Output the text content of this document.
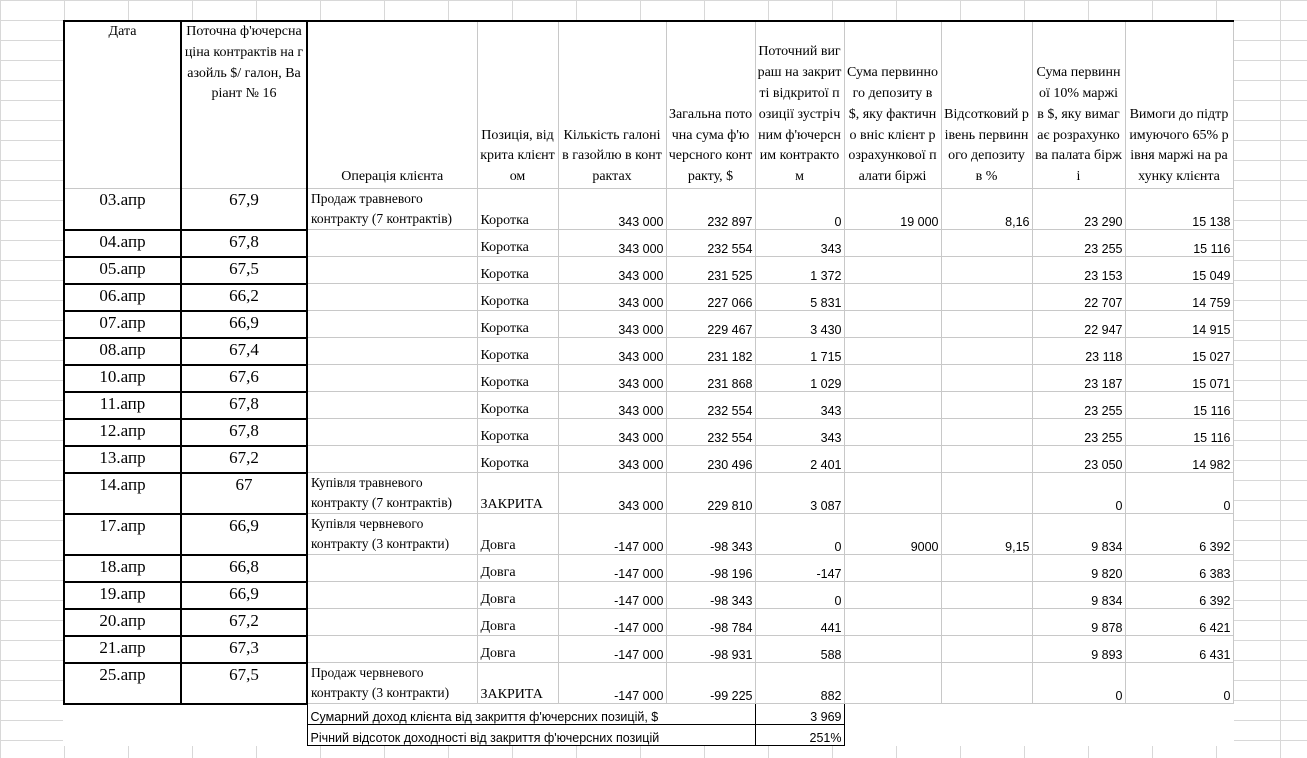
Дата	Поточна ф'ючерсна ціна контрактів на газойль $/ галон, Варіант № 16	Операція клієнта	Позиція, відкрита клієнтом	Кількість галонів газойлю в контрактах	Загальна поточна сума ф'ючерсного контракту, $	Поточний виграш на закритті відкритої позиції зустрічним ф'ючерсним контрактом	Сума первинного депозиту в $, яку фактично вніс клієнт розрахункової палати біржі	Відсотковий рівень первинного депозиту в %	Сума первинної 10% маржі в $, яку вимагає розрахункова палата біржі	Вимоги до підтримуючого 65% рівня маржі на рахунку клієнта
03.апр	67,9	Продаж травневого контракту (7 контрактів)	Коротка	343 000	232 897	0	19 000	8,16	23 290	15 138
04.апр	67,8		Коротка	343 000	232 554	343			23 255	15 116
05.апр	67,5		Коротка	343 000	231 525	1 372			23 153	15 049
06.апр	66,2		Коротка	343 000	227 066	5 831			22 707	14 759
07.апр	66,9		Коротка	343 000	229 467	3 430			22 947	14 915
08.апр	67,4		Коротка	343 000	231 182	1 715			23 118	15 027
10.апр	67,6		Коротка	343 000	231 868	1 029			23 187	15 071
11.апр	67,8		Коротка	343 000	232 554	343			23 255	15 116
12.апр	67,8		Коротка	343 000	232 554	343			23 255	15 116
13.апр	67,2		Коротка	343 000	230 496	2 401			23 050	14 982
14.апр	67	Купівля травневого контракту (7 контрактів)	ЗАКРИТА	343 000	229 810	3 087			0	0
17.апр	66,9	Купівля червневого контракту (3 контракти)	Довга	-147 000	-98 343	0	9000	9,15	9 834	6 392
18.апр	66,8		Довга	-147 000	-98 196	-147			9 820	6 383
19.апр	66,9		Довга	-147 000	-98 343	0			9 834	6 392
20.апр	67,2		Довга	-147 000	-98 784	441			9 878	6 421
21.апр	67,3		Довга	-147 000	-98 931	588			9 893	6 431
25.апр	67,5	Продаж червневого контракту (3 контракти)	ЗАКРИТА	-147 000	-99 225	882			0	0
		Сумарний доход клієнта від закриття ф'ючерсних позицій, $				3 969				
		Річний відсоток доходності від закриття ф'ючерсних позицій				251%				
